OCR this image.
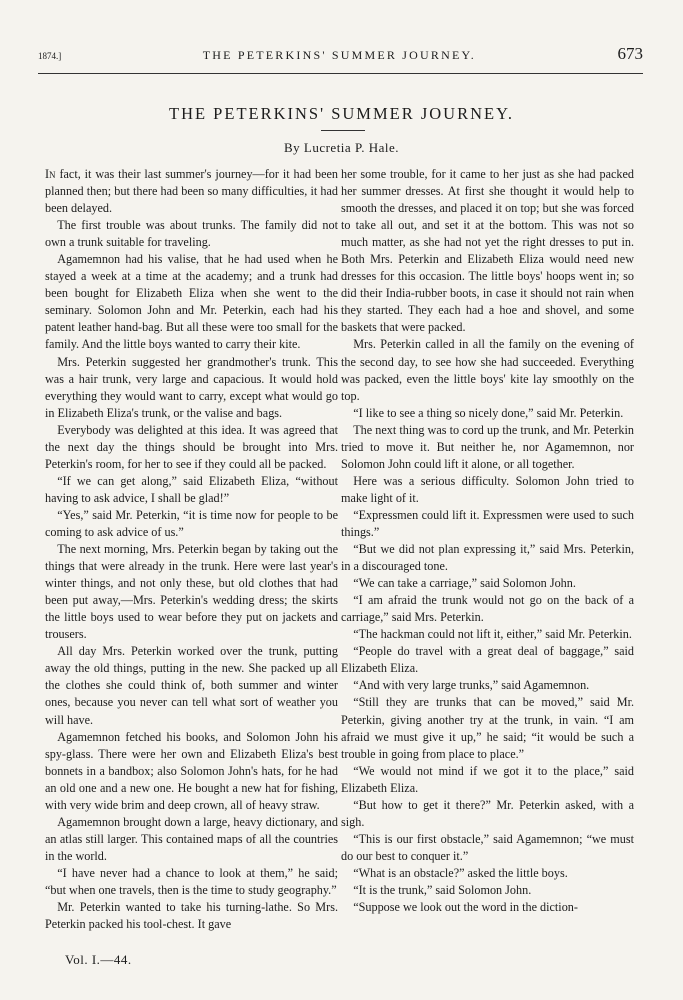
1874.]	THE PETERKINS' SUMMER JOURNEY.	673
THE PETERKINS' SUMMER JOURNEY.
By Lucretia P. Hale.

In fact, it was their last summer's journey—for it had been planned then; but there had been so many difficulties, it had been delayed.

The first trouble was about trunks. The family did not own a trunk suitable for traveling.

Agamemnon had his valise, that he had used when he stayed a week at a time at the academy; and a trunk had been bought for Elizabeth Eliza when she went to the seminary. Solomon John and Mr. Peterkin, each had his patent leather hand-bag. But all these were too small for the family. And the little boys wanted to carry their kite.

Mrs. Peterkin suggested her grandmother's trunk. This was a hair trunk, very large and capacious. It would hold everything they would want to carry, except what would go in Elizabeth Eliza's trunk, or the valise and bags.

Everybody was delighted at this idea. It was agreed that the next day the things should be brought into Mrs. Peterkin's room, for her to see if they could all be packed.

“If we can get along,” said Elizabeth Eliza, “without having to ask advice, I shall be glad!”

“Yes,” said Mr. Peterkin, “it is time now for people to be coming to ask advice of us.”

The next morning, Mrs. Peterkin began by taking out the things that were already in the trunk. Here were last year's winter things, and not only these, but old clothes that had been put away,—Mrs. Peterkin's wedding dress; the skirts the little boys used to wear before they put on jackets and trousers.

All day Mrs. Peterkin worked over the trunk, putting away the old things, putting in the new. She packed up all the clothes she could think of, both summer and winter ones, because you never can tell what sort of weather you will have.

Agamemnon fetched his books, and Solomon John his spy-glass. There were her own and Elizabeth Eliza's best bonnets in a bandbox; also Solomon John's hats, for he had an old one and a new one. He bought a new hat for fishing, with very wide brim and deep crown, all of heavy straw.

Agamemnon brought down a large, heavy dictionary, and an atlas still larger. This contained maps of all the countries in the world.

“I have never had a chance to look at them,” he said; “but when one travels, then is the time to study geography.”

Mr. Peterkin wanted to take his turning-lathe. So Mrs. Peterkin packed his tool-chest. It gave

her some trouble, for it came to her just as she had packed her summer dresses. At first she thought it would help to smooth the dresses, and placed it on top; but she was forced to take all out, and set it at the bottom. This was not so much matter, as she had not yet the right dresses to put in. Both Mrs. Peterkin and Elizabeth Eliza would need new dresses for this occasion. The little boys' hoops went in; so did their India-rubber boots, in case it should not rain when they started. They each had a hoe and shovel, and some baskets that were packed.

Mrs. Peterkin called in all the family on the evening of the second day, to see how she had succeeded. Everything was packed, even the little boys' kite lay smoothly on the top.

“I like to see a thing so nicely done,” said Mr. Peterkin.

The next thing was to cord up the trunk, and Mr. Peterkin tried to move it. But neither he, nor Agamemnon, nor Solomon John could lift it alone, or all together.

Here was a serious difficulty. Solomon John tried to make light of it.

“Expressmen could lift it. Expressmen were used to such things.”

“But we did not plan expressing it,” said Mrs. Peterkin, in a discouraged tone.

“We can take a carriage,” said Solomon John.

“I am afraid the trunk would not go on the back of a carriage,” said Mrs. Peterkin.

“The hackman could not lift it, either,” said Mr. Peterkin.

“People do travel with a great deal of baggage,” said Elizabeth Eliza.

“And with very large trunks,” said Agamemnon.

“Still they are trunks that can be moved,” said Mr. Peterkin, giving another try at the trunk, in vain. “I am afraid we must give it up,” he said; “it would be such a trouble in going from place to place.”

“We would not mind if we got it to the place,” said Elizabeth Eliza.

“But how to get it there?” Mr. Peterkin asked, with a sigh.

“This is our first obstacle,” said Agamemnon; “we must do our best to conquer it.”

“What is an obstacle?” asked the little boys.

“It is the trunk,” said Solomon John.

“Suppose we look out the word in the diction-

Vol. I.—44.
